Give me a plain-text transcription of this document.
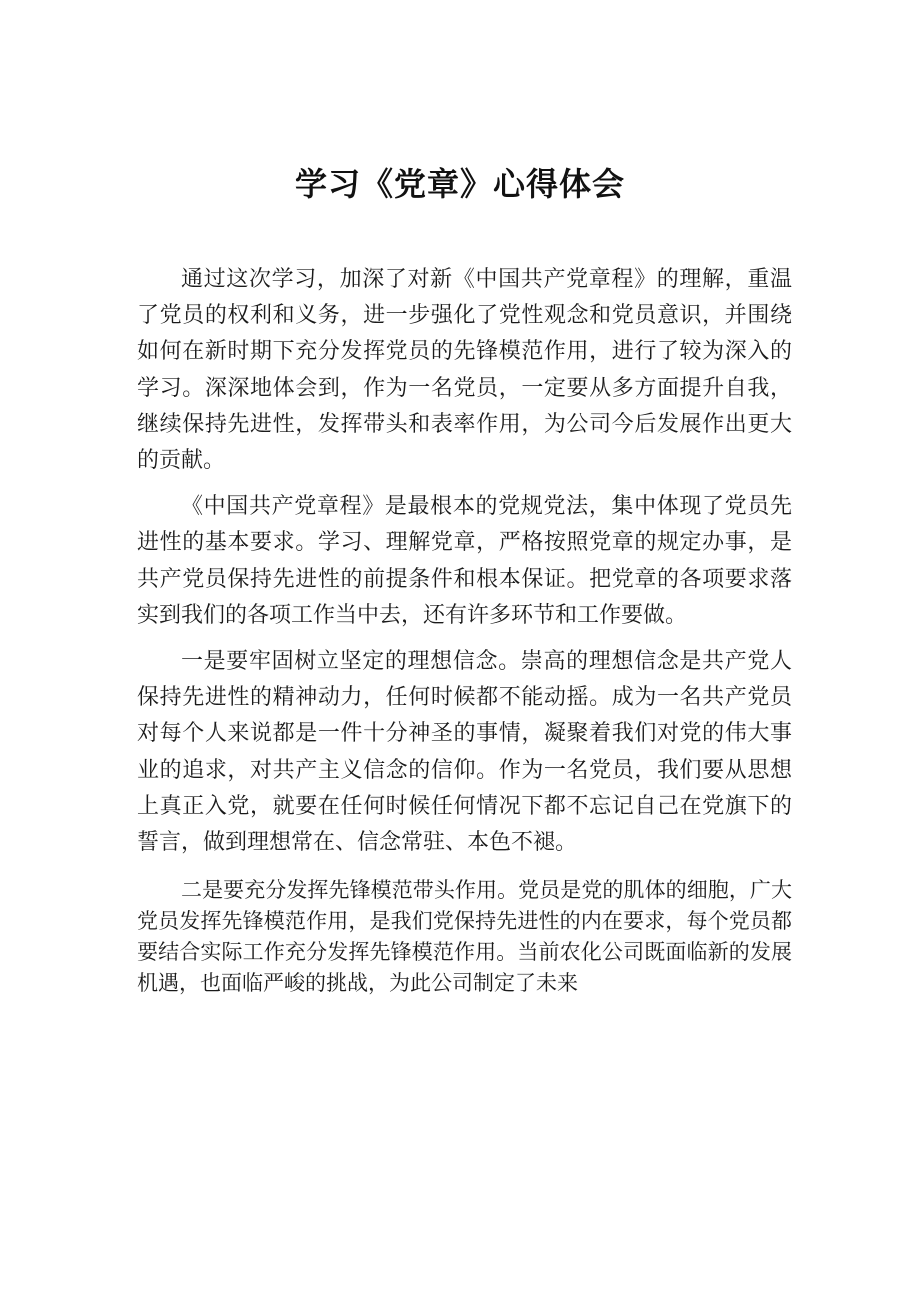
学习《党章》心得体会

通过这次学习，加深了对新《中国共产党章程》的理解，重温了党员的权利和义务，进一步强化了党性观念和党员意识，并围绕如何在新时期下充分发挥党员的先锋模范作用，进行了较为深入的学习。深深地体会到，作为一名党员，一定要从多方面提升自我，继续保持先进性，发挥带头和表率作用，为公司今后发展作出更大的贡献。

《中国共产党章程》是最根本的党规党法，集中体现了党员先进性的基本要求。学习、理解党章，严格按照党章的规定办事，是共产党员保持先进性的前提条件和根本保证。把党章的各项要求落实到我们的各项工作当中去，还有许多环节和工作要做。

一是要牢固树立坚定的理想信念。崇高的理想信念是共产党人保持先进性的精神动力，任何时候都不能动摇。成为一名共产党员对每个人来说都是一件十分神圣的事情，凝聚着我们对党的伟大事业的追求，对共产主义信念的信仰。作为一名党员，我们要从思想上真正入党，就要在任何时候任何情况下都不忘记自己在党旗下的誓言，做到理想常在、信念常驻、本色不褪。

二是要充分发挥先锋模范带头作用。党员是党的肌体的细胞，广大党员发挥先锋模范作用，是我们党保持先进性的内在要求，每个党员都要结合实际工作充分发挥先锋模范作用。当前农化公司既面临新的发展机遇，也面临严峻的挑战，为此公司制定了未来
